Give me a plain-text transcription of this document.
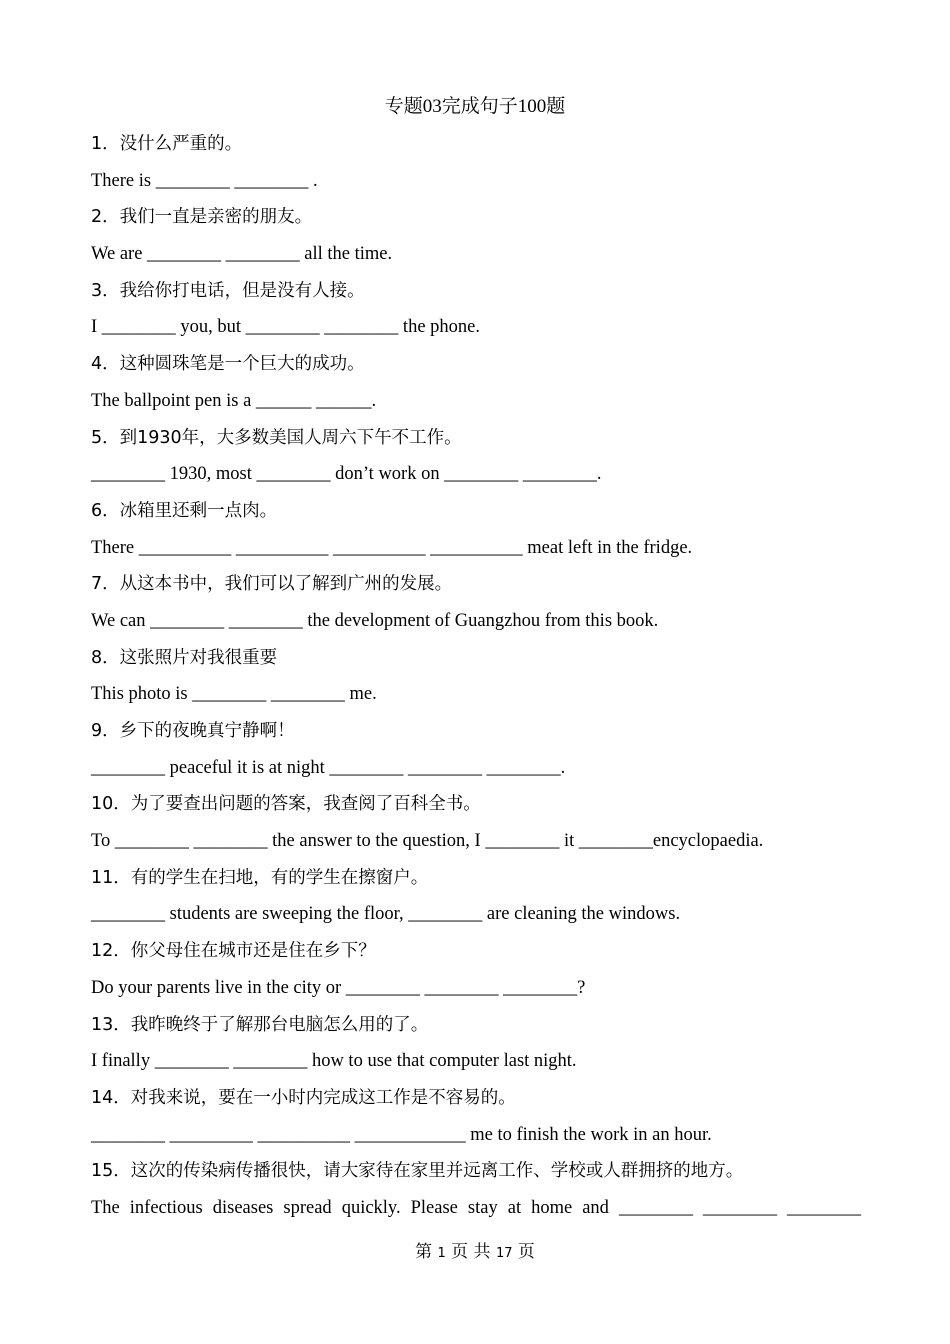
专题03完成句子100题
1．没什么严重的。
There is ________ ________ .
2．我们一直是亲密的朋友。
We are ________ ________ all the time.
3．我给你打电话，但是没有人接。
I ________ you, but ________ ________ the phone.
4．这种圆珠笔是一个巨大的成功。
The ballpoint pen is a ______ ______.
5．到1930年，大多数美国人周六下午不工作。
________ 1930, most ________ don’t work on ________ ________.
6．冰箱里还剩一点肉。
There __________ __________ __________ __________ meat left in the fridge.
7．从这本书中，我们可以了解到广州的发展。
We can ________ ________ the development of Guangzhou from this book.
8．这张照片对我很重要
This photo is ________ ________ me.
9．乡下的夜晚真宁静啊！
________ peaceful it is at night ________ ________ ________.
10．为了要查出问题的答案，我查阅了百科全书。
To ________ ________ the answer to the question, I ________ it ________encyclopaedia.
11．有的学生在扫地，有的学生在擦窗户。
________ students are sweeping the floor, ________ are cleaning the windows.
12．你父母住在城市还是住在乡下？
Do your parents live in the city or ________ ________ ________?
13．我昨晚终于了解那台电脑怎么用的了。
I finally ________ ________ how to use that computer last night.
14．对我来说，要在一小时内完成这工作是不容易的。
________ _________ __________ ____________ me to finish the work in an hour.
15．这次的传染病传播很快，请大家待在家里并远离工作、学校或人群拥挤的地方。
The infectious diseases spread quickly. Please stay at home and ________ ________ ________
第 1 页 共 17 页
